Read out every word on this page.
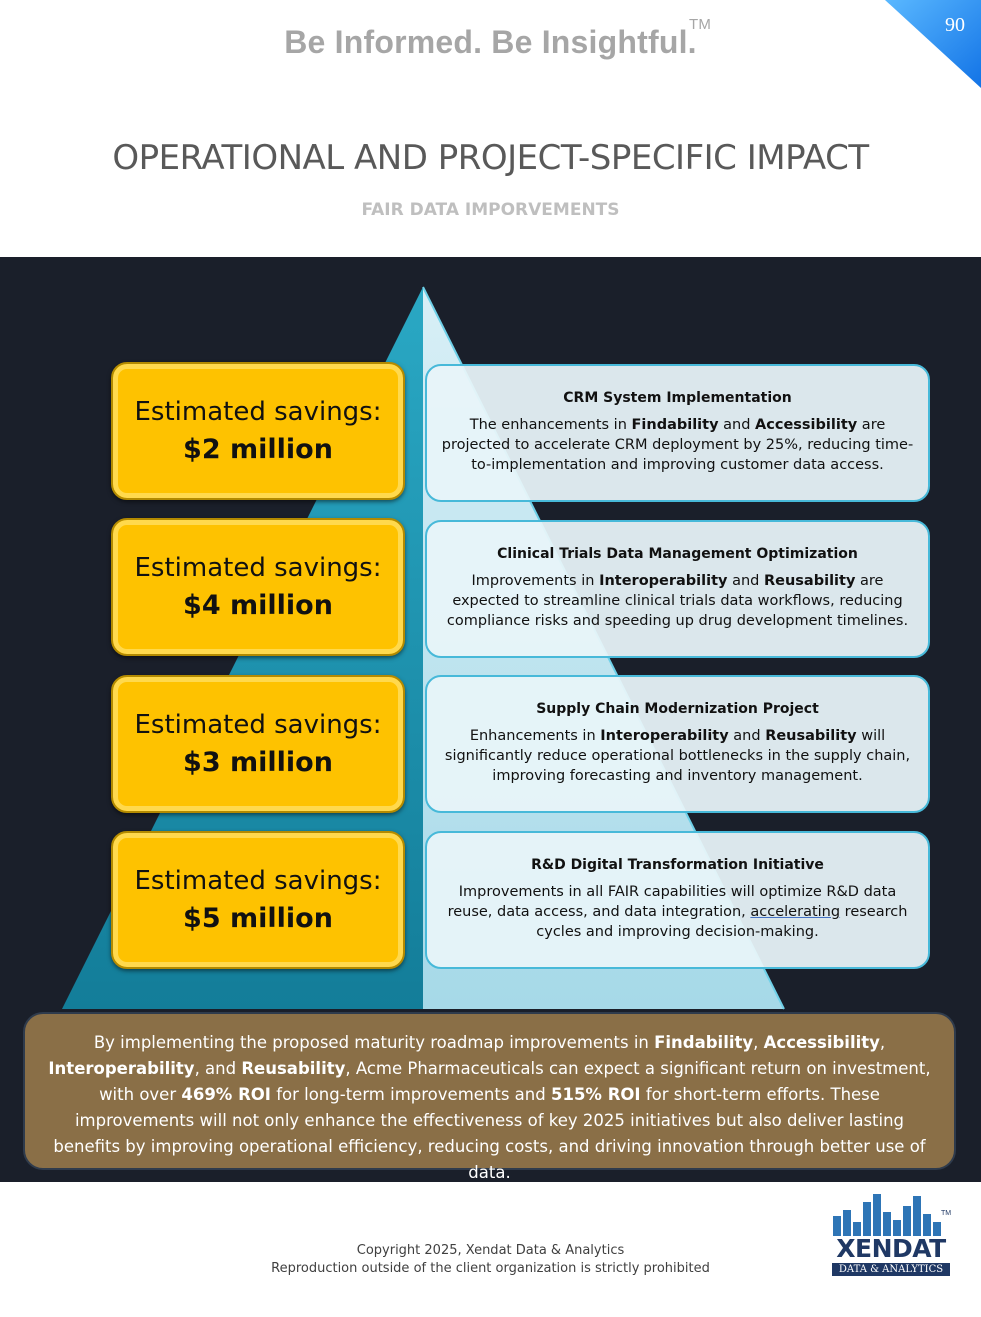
Be Informed. Be Insightful.
TM	90
OPERATIONAL AND PROJECT-SPECIFIC IMPACT
FAIR DATA IMPORVEMENTS
Estimated savings:
$2 million
CRM System Implementation
The enhancements in Findability and Accessibility are projected to accelerate CRM deployment by 25%, reducing time-to-implementation and improving customer data access.
Estimated savings:
$4 million
Clinical Trials Data Management Optimization
Improvements in Interoperability and Reusability are expected to streamline clinical trials data workflows, reducing compliance risks and speeding up drug development timelines.
Estimated savings:
$3 million
Supply Chain Modernization Project
Enhancements in Interoperability and Reusability will significantly reduce operational bottlenecks in the supply chain, improving forecasting and inventory management.
Estimated savings:
$5 million
R&D Digital Transformation Initiative
Improvements in all FAIR capabilities will optimize R&D data reuse, data access, and data integration, accelerating research cycles and improving decision-making.
By implementing the proposed maturity roadmap improvements in Findability, Accessibility, Interoperability, and Reusability, Acme Pharmaceuticals can expect a significant return on investment, with over 469% ROI for long-term improvements and 515% ROI for short-term efforts. These improvements will not only enhance the effectiveness of key 2025 initiatives but also deliver lasting benefits by improving operational efficiency, reducing costs, and driving innovation through better use of data.
Copyright 2025, Xendat Data & Analytics
Reproduction outside of the client organization is strictly prohibited
TM
XENDAT
DATA & ANALYTICS
